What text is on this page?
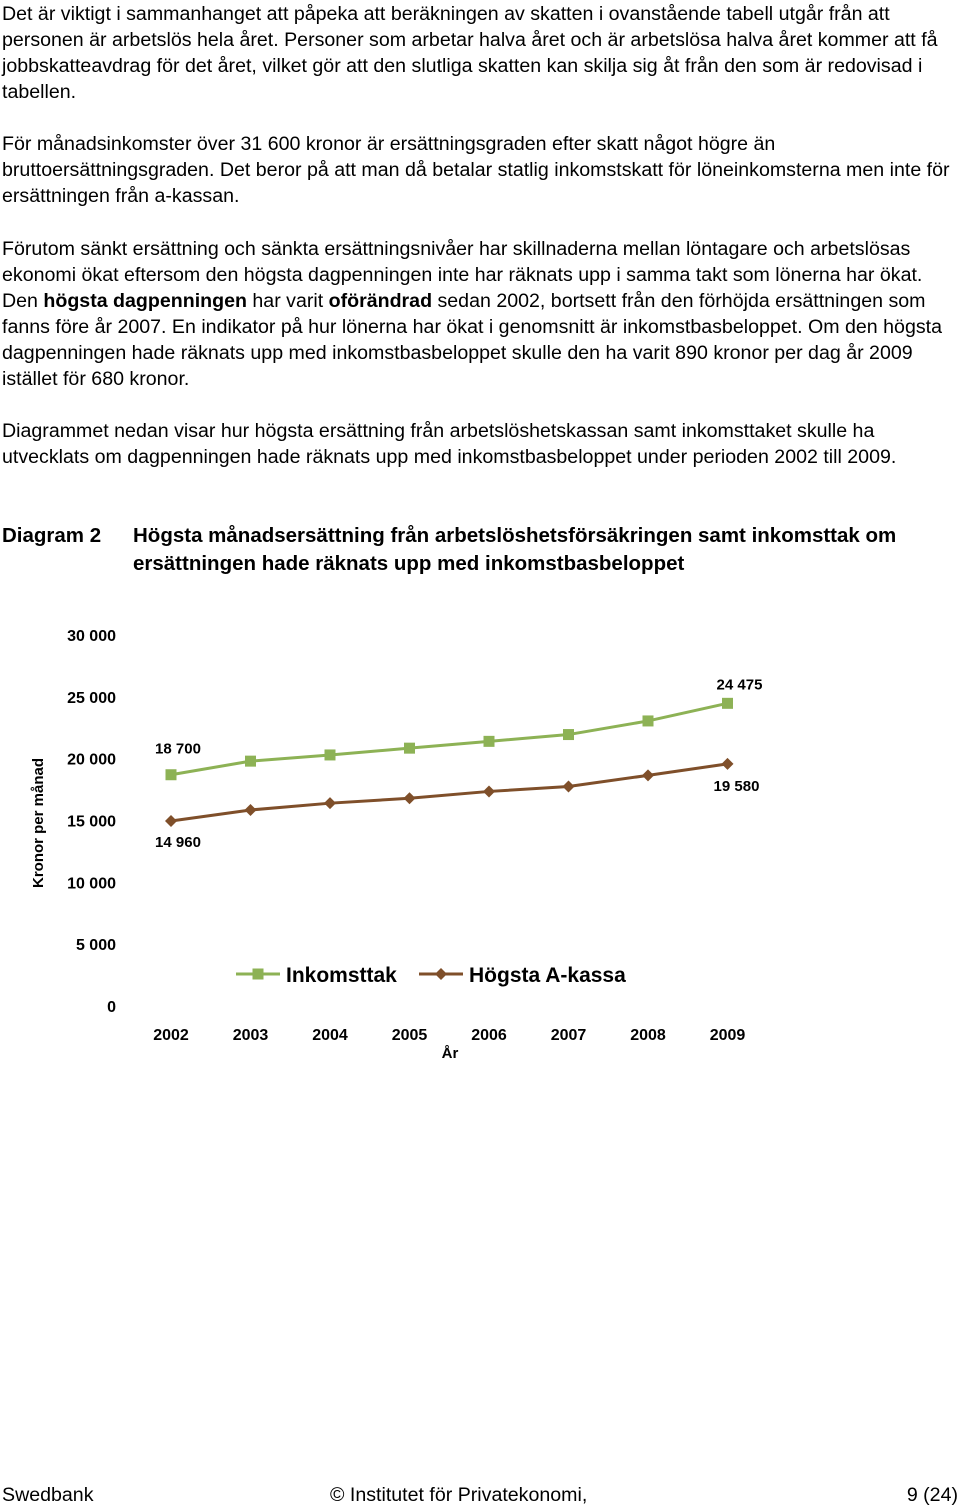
Det är viktigt i sammanhanget att påpeka att beräkningen av skatten i ovanstående tabell utgår från att personen är arbetslös hela året. Personer som arbetar halva året och är arbetslösa halva året kommer att få jobbskatteavdrag för det året, vilket gör att den slutliga skatten kan skilja sig åt från den som är redovisad i tabellen.

För månadsinkomster över 31 600 kronor är ersättningsgraden efter skatt något högre än bruttoersättningsgraden. Det beror på att man då betalar statlig inkomstskatt för löneinkomsterna men inte för ersättningen från a-kassan.

Förutom sänkt ersättning och sänkta ersättningsnivåer har skillnaderna mellan löntagare och arbetslösas ekonomi ökat eftersom den högsta dagpenningen inte har räknats upp i samma takt som lönerna har ökat. Den högsta dagpenningen har varit oförändrad sedan 2002, bortsett från den förhöjda ersättningen som fanns före år 2007. En indikator på hur lönerna har ökat i genomsnitt är inkomstbasbeloppet. Om den högsta dagpenningen hade räknats upp med inkomstbasbeloppet skulle den ha varit 890 kronor per dag år 2009 istället för 680 kronor.

Diagrammet nedan visar hur högsta ersättning från arbetslöshetskassan samt inkomsttaket skulle ha utvecklats om dagpenningen hade räknats upp med inkomstbasbeloppet under perioden 2002 till 2009.

Diagram 2 Högsta månadsersättning från arbetslöshetsförsäkringen samt inkomsttak om ersättningen hade räknats upp med inkomstbasbeloppet
30 000
25 000
20 000
15 000
10 000
5 000
0
2002	2003	2004	2005	2006	2007	2008	2009
Kronor per månad
År
18 700
24 475
14 960
19 580
Inkomsttak	Högsta A-kassa
Swedbank	© Institutet för Privatekonomi,	9 (24)
